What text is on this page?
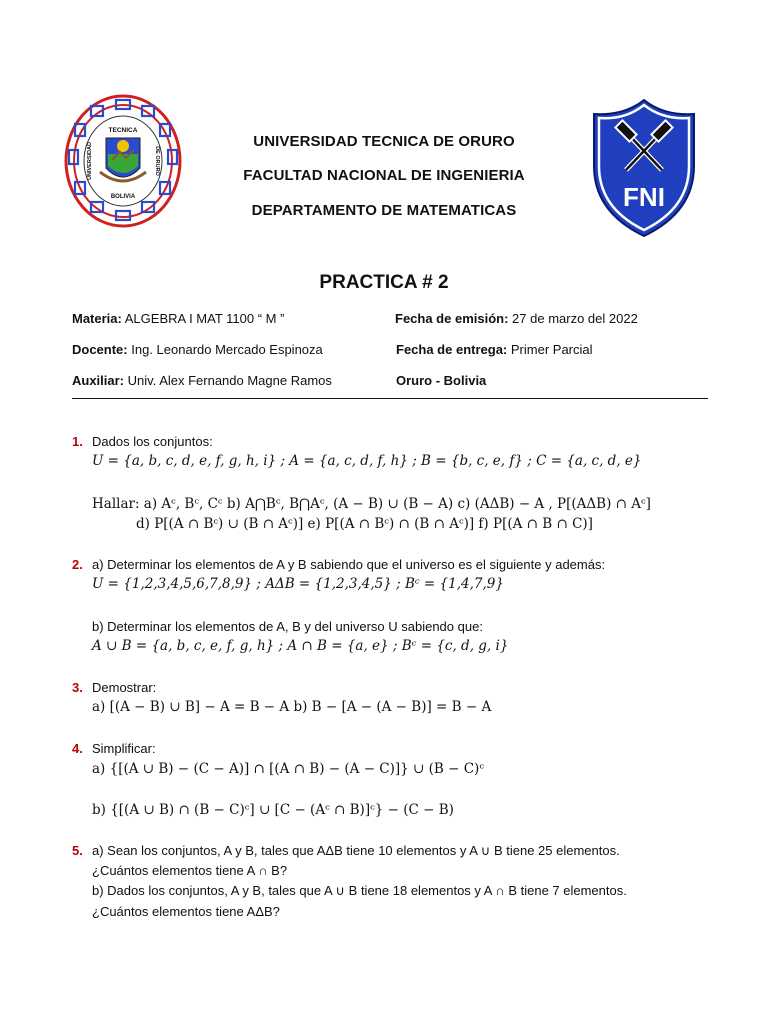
TECNICA
BOLIVIA
UNIVERSIDAD	DE ORURO
FNI
UNIVERSIDAD TECNICA DE ORURO
FACULTAD NACIONAL DE INGENIERIA
DEPARTAMENTO DE MATEMATICAS
PRACTICA # 2
Materia: ALGEBRA I MAT 1100 “ M ”
Docente: Ing. Leonardo Mercado Espinoza
Auxiliar: Univ. Alex Fernando Magne Ramos
Fecha de emisión: 27 de marzo del 2022
Fecha de entrega: Primer Parcial
Oruro - Bolivia
1. Dados los conjuntos:
U = {a, b, c, d, e, f, g, h, i} ; A = {a, c, d, f, h} ; B = {b, c, e, f} ; C = {a, c, d, e}
Hallar: a) Aᶜ, Bᶜ, Cᶜ b) A⋂Bᶜ, B⋂Aᶜ, (A − B) ∪ (B − A) c) (AΔB) − A , P[(AΔB) ∩ Aᶜ]
d) P[(A ∩ Bᶜ) ∪ (B ∩ Aᶜ)] e) P[(A ∩ Bᶜ) ∩ (B ∩ Aᶜ)] f) P[(A ∩ B ∩ C)]
2. a) Determinar los elementos de A y B sabiendo que el universo es el siguiente y además:
U = {1,2,3,4,5,6,7,8,9} ; AΔB = {1,2,3,4,5} ; Bᶜ = {1,4,7,9}
b) Determinar los elementos de A, B y del universo U sabiendo que:
A ∪ B = {a, b, c, e, f, g, h} ; A ∩ B = {a, e} ; Bᶜ = {c, d, g, i}
3. Demostrar:
a) [(A − B) ∪ B] − A = B − A b) B − [A − (A − B)] = B − A
4. Simplificar:
a) {[(A ∪ B) − (C − A)] ∩ [(A ∩ B) − (A − C)]} ∪ (B − C)ᶜ
b) {[(A ∪ B) ∩ (B − C)ᶜ] ∪ [C − (Aᶜ ∩ B)]ᶜ} − (C − B)
5. a) Sean los conjuntos, A y B, tales que AΔB tiene 10 elementos y A ∪ B tiene 25 elementos.
¿Cuántos elementos tiene A ∩ B?
b) Dados los conjuntos, A y B, tales que A ∪ B tiene 18 elementos y A ∩ B tiene 7 elementos.
¿Cuántos elementos tiene AΔB?
